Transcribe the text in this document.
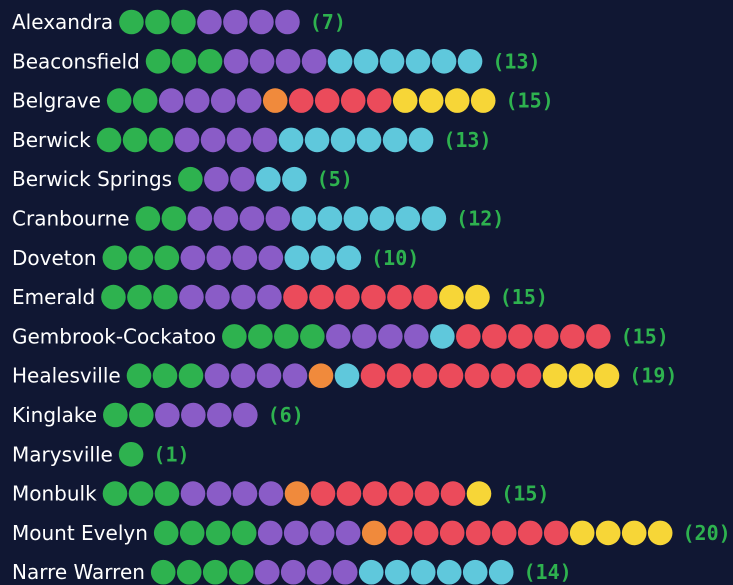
Alexandra	(7)
Beaconsfield	(13)
Belgrave	(15)
Berwick	(13)
Berwick Springs	(5)
Cranbourne	(12)
Doveton	(10)
Emerald	(15)
Gembrook-Cockatoo	(15)
Healesville	(19)
Kinglake	(6)
Marysville (1)
Monbulk	(15)
Mount Evelyn	(20)
Narre Warren	(14)
